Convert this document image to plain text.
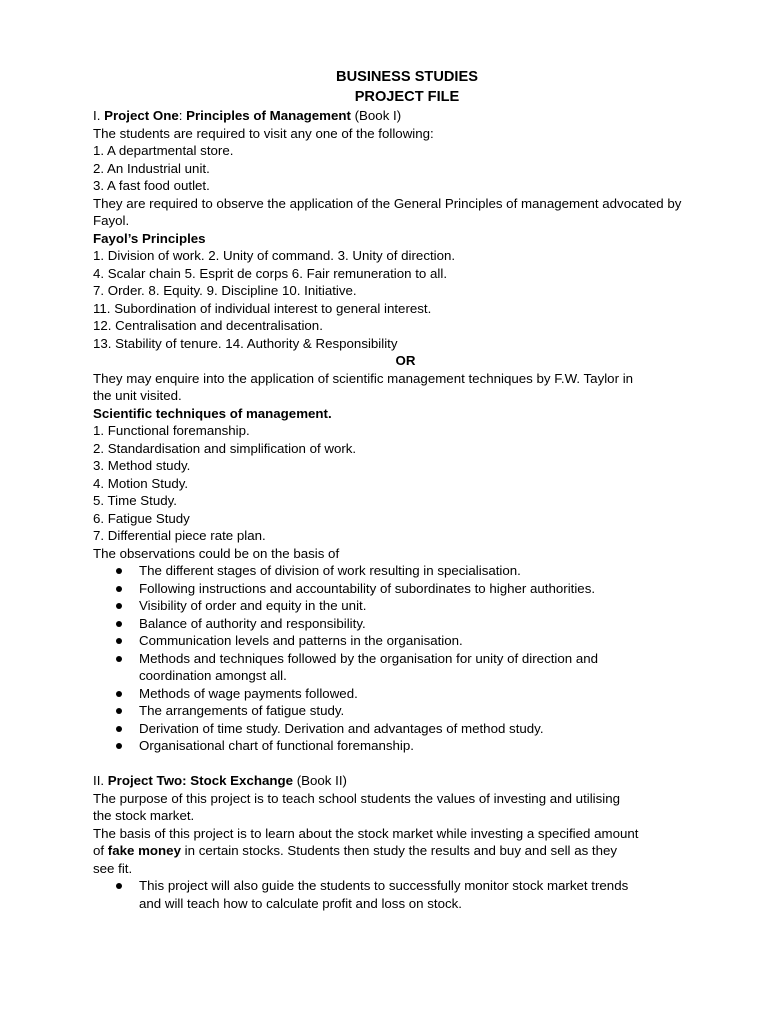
BUSINESS STUDIES
PROJECT FILE
I. Project One: Principles of Management (Book I)
The students are required to visit any one of the following:
1. A departmental store.
2. An Industrial unit.
3. A fast food outlet.
They are required to observe the application of the General Principles of management advocated by
Fayol.
Fayol’s Principles
1. Division of work. 2. Unity of command. 3. Unity of direction.
4. Scalar chain 5. Esprit de corps 6. Fair remuneration to all.
7. Order. 8. Equity. 9. Discipline 10. Initiative.
11. Subordination of individual interest to general interest.
12. Centralisation and decentralisation.
13. Stability of tenure. 14. Authority & Responsibility
OR
They may enquire into the application of scientific management techniques by F.W. Taylor in
the unit visited.
Scientific techniques of management.
1. Functional foremanship.
2. Standardisation and simplification of work.
3. Method study.
4. Motion Study.
5. Time Study.
6. Fatigue Study
7. Differential piece rate plan.
The observations could be on the basis of
The different stages of division of work resulting in specialisation.
Following instructions and accountability of subordinates to higher authorities.
Visibility of order and equity in the unit.
Balance of authority and responsibility.
Communication levels and patterns in the organisation.
Methods and techniques followed by the organisation for unity of direction and
coordination amongst all.
Methods of wage payments followed.
The arrangements of fatigue study.
Derivation of time study. Derivation and advantages of method study.
Organisational chart of functional foremanship.
II. Project Two: Stock Exchange (Book II)
The purpose of this project is to teach school students the values of investing and utilising
the stock market.
The basis of this project is to learn about the stock market while investing a specified amount
of fake money in certain stocks. Students then study the results and buy and sell as they
see fit.
This project will also guide the students to successfully monitor stock market trends
and will teach how to calculate profit and loss on stock.
